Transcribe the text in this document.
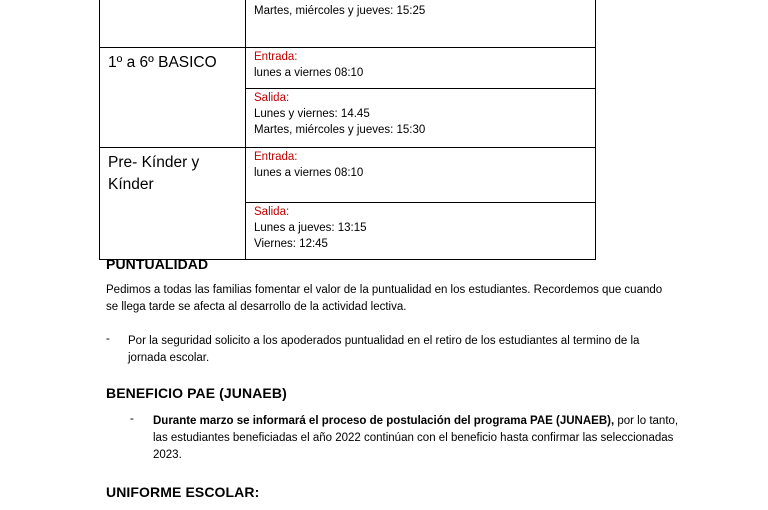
	Martes, miércoles y jueves: 15:25

1º a 6º BASICO	Entrada:
lunes a viernes 08:10

	Salida:
Lunes y viernes: 14.45
Martes, miércoles y jueves: 15:30

Pre- Kínder y
Kínder	Entrada:
lunes a viernes 08:10

	Salida:
Lunes a jueves: 13:15
Viernes: 12:45
PUNTUALIDAD
Pedimos a todas las familias fomentar el valor de la puntualidad en los estudiantes. Recordemos que cuando
se llega tarde se afecta al desarrollo de la actividad lectiva.
- Por la seguridad solicito a los apoderados puntualidad en el retiro de los estudiantes al termino de la
jornada escolar.
BENEFICIO PAE (JUNAEB)
- Durante marzo se informará el proceso de postulación del programa PAE (JUNAEB), por lo tanto,
las estudiantes beneficiadas el año 2022 continúan con el beneficio hasta confirmar las seleccionadas
2023.
UNIFORME ESCOLAR:
